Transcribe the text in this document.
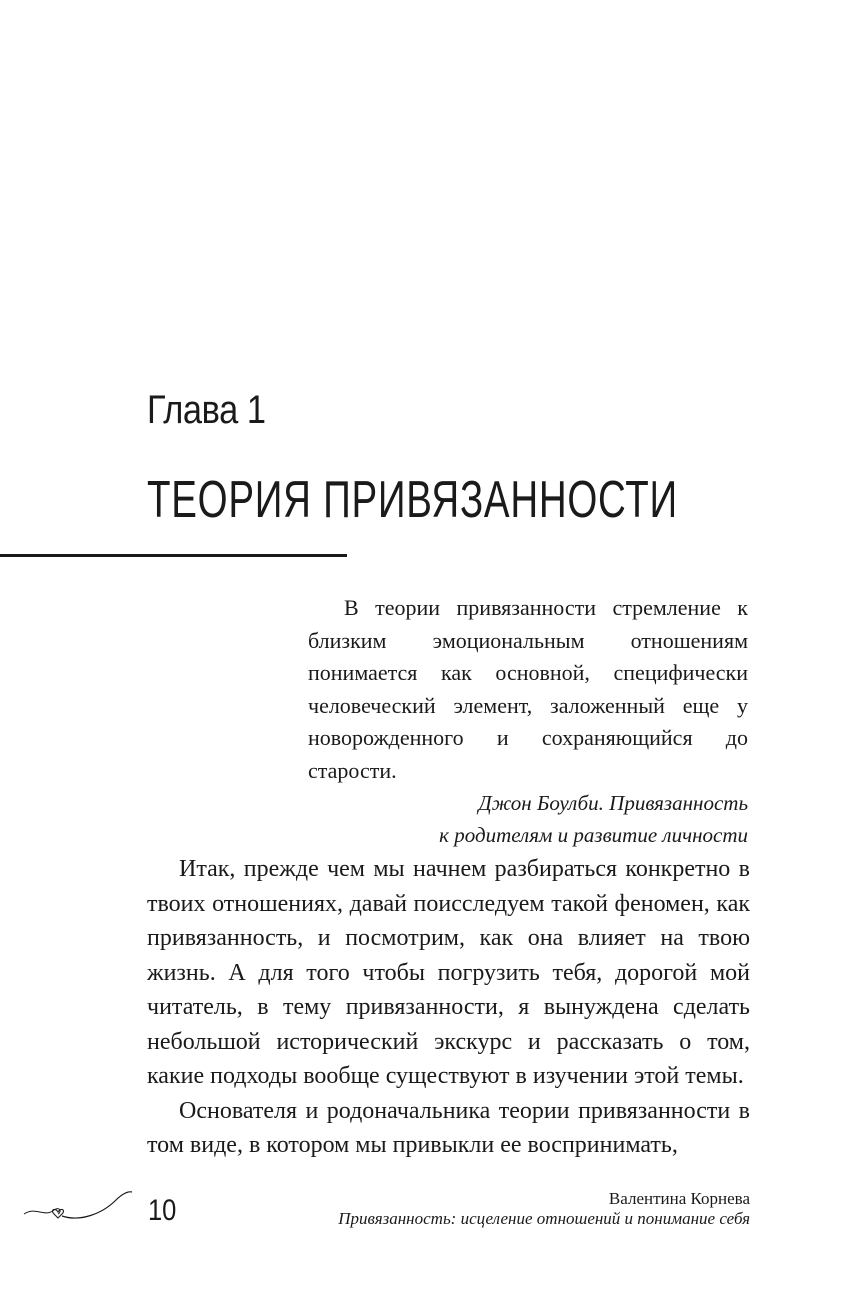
Глава 1
ТЕОРИЯ ПРИВЯЗАННОСТИ

В теории привязанности стремление к близким эмоциональным отношениям понимается как основной, специфически человеческий элемент, заложенный еще у новорожденного и сохраняющийся до старости.

Джон Боулби. Привязанность

к родителям и развитие личности

Итак, прежде чем мы начнем разбираться конкретно в твоих отношениях, давай поисследуем такой феномен, как привязанность, и посмотрим, как она влияет на твою жизнь. А для того чтобы погрузить тебя, дорогой мой читатель, в тему привязанности, я вынуждена сделать небольшой исторический экскурс и рассказать о том, какие подходы вообще существуют в изучении этой темы.

Основателя и родоначальника теории привязанности в том виде, в котором мы привыкли ее воспринимать,

10	Валентина Корнева
Привязанность: исцеление отношений и понимание себя
